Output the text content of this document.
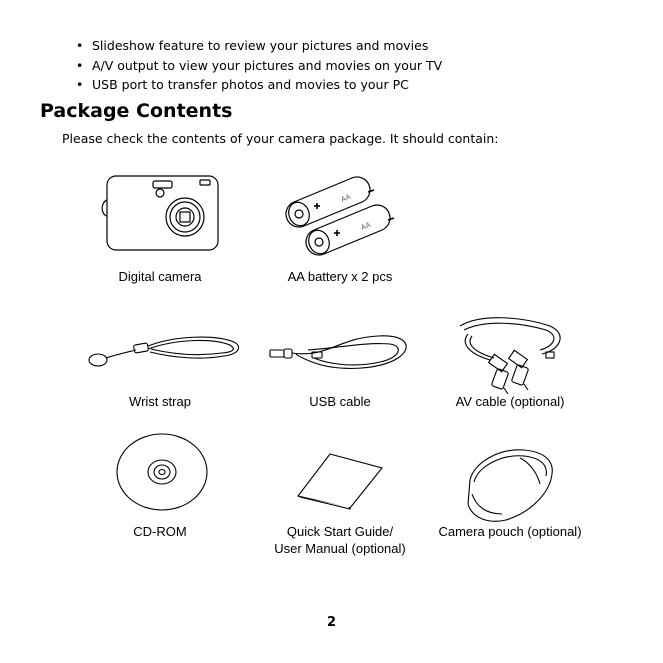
• Slideshow feature to review your pictures and movies
• A/V output to view your pictures and movies on your TV
• USB port to transfer photos and movies to your PC
Package Contents

Please check the contents of your camera package. It should contain:

AA
AA
Digital camera	AA battery x 2 pcs
Wrist strap	USB cable	AV cable (optional)
CD-ROM	Quick Start Guide/
User Manual (optional)
Camera pouch (optional)
2
